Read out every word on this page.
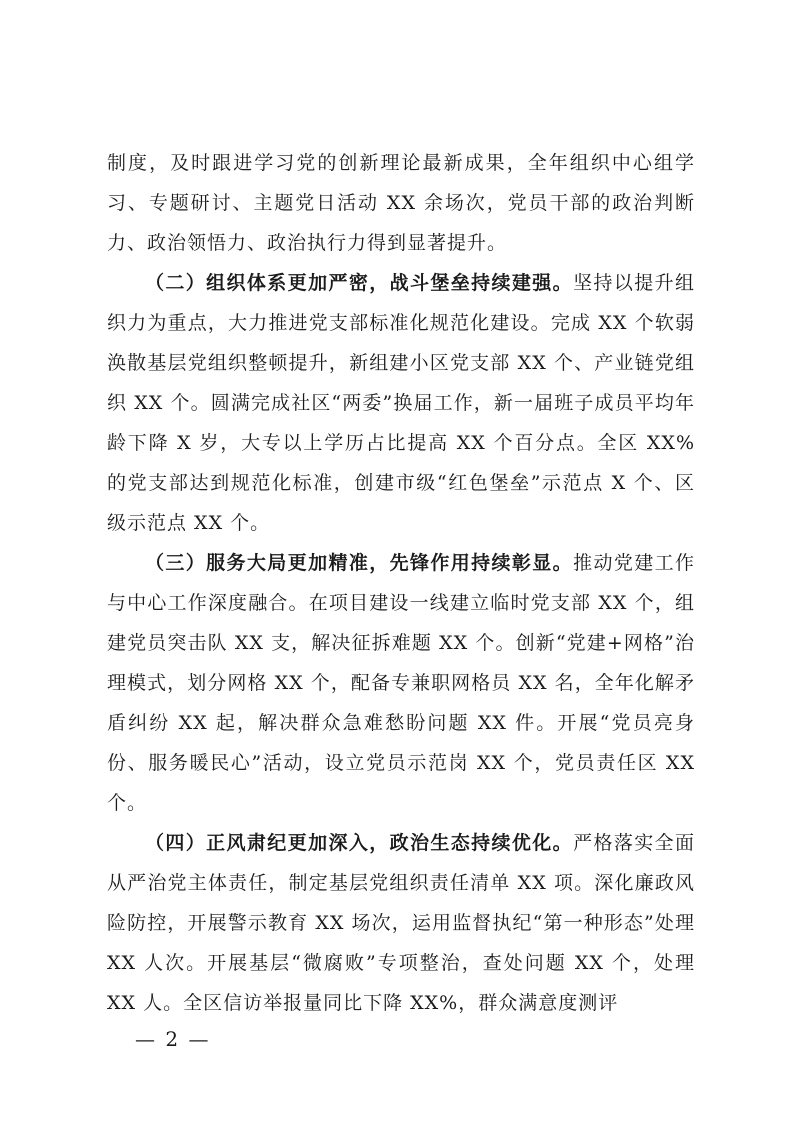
制度，及时跟进学习党的创新理论最新成果，全年组织中心组学习、专题研讨、主题党日活动 XX 余场次，党员干部的政治判断力、政治领悟力、政治执行力得到显著提升。

（二）组织体系更加严密，战斗堡垒持续建强。坚持以提升组织力为重点，大力推进党支部标准化规范化建设。完成 XX 个软弱涣散基层党组织整顿提升，新组建小区党支部 XX 个、产业链党组织 XX 个。圆满完成社区“两委”换届工作，新一届班子成员平均年龄下降 X 岁，大专以上学历占比提高 XX 个百分点。全区 XX% 的党支部达到规范化标准，创建市级“红色堡垒”示范点 X 个、区级示范点 XX 个。

（三）服务大局更加精准，先锋作用持续彰显。推动党建工作与中心工作深度融合。在项目建设一线建立临时党支部 XX 个，组建党员突击队 XX 支，解决征拆难题 XX 个。创新“党建+网格”治理模式，划分网格 XX 个，配备专兼职网格员 XX 名，全年化解矛盾纠纷 XX 起，解决群众急难愁盼问题 XX 件。开展“党员亮身份、服务暖民心”活动，设立党员示范岗 XX 个，党员责任区 XX 个。

（四）正风肃纪更加深入，政治生态持续优化。严格落实全面从严治党主体责任，制定基层党组织责任清单 XX 项。深化廉政风险防控，开展警示教育 XX 场次，运用监督执纪“第一种形态”处理 XX 人次。开展基层“微腐败”专项整治，查处问题 XX 个，处理 XX 人。全区信访举报量同比下降 XX%，群众满意度测评

— 2 —
